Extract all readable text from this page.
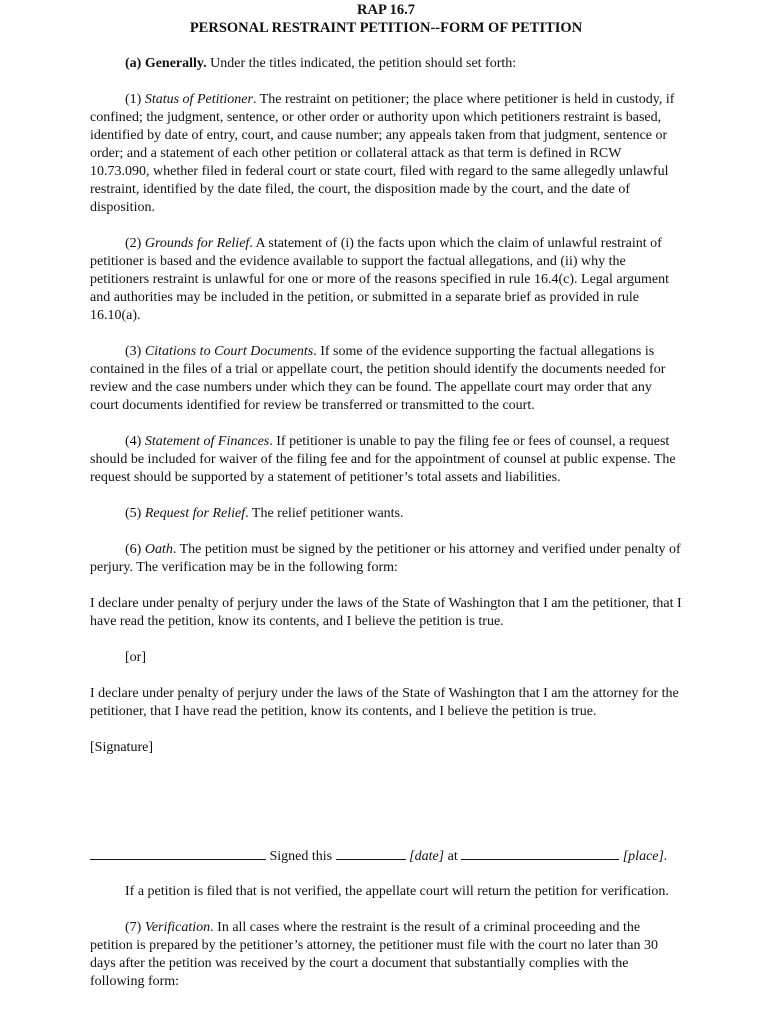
RAP 16.7

PERSONAL RESTRAINT PETITION--FORM OF PETITION

(a) Generally. Under the titles indicated, the petition should set forth:

(1) Status of Petitioner. The restraint on petitioner; the place where petitioner is held in custody, if confined; the judgment, sentence, or other order or authority upon which petitioners restraint is based, identified by date of entry, court, and cause number; any appeals taken from that judgment, sentence or order; and a statement of each other petition or collateral attack as that term is defined in RCW 10.73.090, whether filed in federal court or state court, filed with regard to the same allegedly unlawful restraint, identified by the date filed, the court, the disposition made by the court, and the date of disposition.

(2) Grounds for Relief. A statement of (i) the facts upon which the claim of unlawful restraint of petitioner is based and the evidence available to support the factual allegations, and (ii) why the petitioners restraint is unlawful for one or more of the reasons specified in rule 16.4(c). Legal argument and authorities may be included in the petition, or submitted in a separate brief as provided in rule 16.10(a).

(3) Citations to Court Documents. If some of the evidence supporting the factual allegations is contained in the files of a trial or appellate court, the petition should identify the documents needed for review and the case numbers under which they can be found. The appellate court may order that any court documents identified for review be transferred or transmitted to the court.

(4) Statement of Finances. If petitioner is unable to pay the filing fee or fees of counsel, a request should be included for waiver of the filing fee and for the appointment of counsel at public expense. The request should be supported by a statement of petitioner’s total assets and liabilities.

(5) Request for Relief. The relief petitioner wants.

(6) Oath. The petition must be signed by the petitioner or his attorney and verified under penalty of perjury. The verification may be in the following form:

I declare under penalty of perjury under the laws of the State of Washington that I am the petitioner, that I have read the petition, know its contents, and I believe the petition is true.

[or]

I declare under penalty of perjury under the laws of the State of Washington that I am the attorney for the petitioner, that I have read the petition, know its contents, and I believe the petition is true.

[Signature]

Signed this	[date] at	[place].

If a petition is filed that is not verified, the appellate court will return the petition for verification.

(7) Verification. In all cases where the restraint is the result of a criminal proceeding and the petition is prepared by the petitioner’s attorney, the petitioner must file with the court no later than 30 days after the petition was received by the court a document that substantially complies with the following form:
